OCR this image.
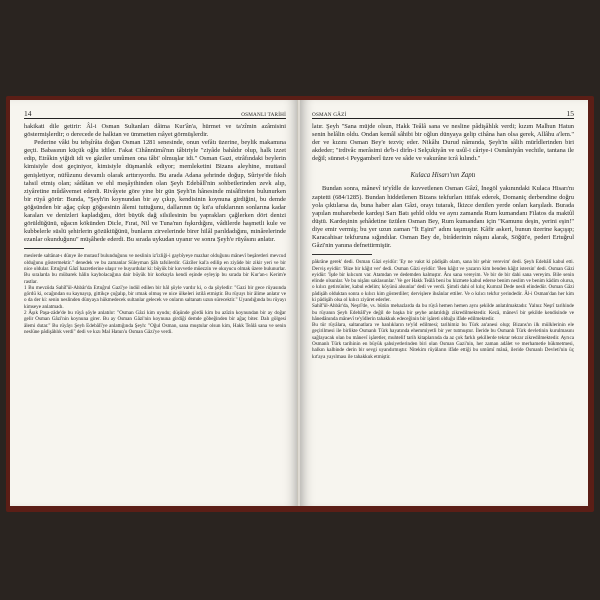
14	OSMANLI TARİHİ

hakikati dile getirir: Âl-i Osman Sultanları dâima Kur'ân'a, hürmet ve ta'zîmin azâmisini göstermişlerdir; o derecede de halktan ve ümmetten rıâyet görmüşlerdir.

Pederine vâki bu tebşîrâta doğan Osman 1281 senesinde, onun vefâtı üzerine, beylik makamına geçti. Babasının küçük oğlu idiler. Fakat Cihânnümâ'nın tâbiriyle "ziyâde bahâdır olup, halk izzet edip, Etrâkin yiğidi idi ve gâziler umûmen ona tâbi' olmuşlar idi." Osman Gazi, etrâfındaki beylerin kimisiyle dost geçiniyor, kimisiyle düşmanlık ediyor; memleketini Bizans aleyhine, muttasıl genişletiyor, nüfûzunu devamlı olarak arttırıyordu. Bu arada Adana şehrinde doğup, Sûriye'de fıkıh tahsil etmiş olan; sâdâtan ve ehl meşâyihinden olan Şeyh Edebâlî'nin sohbetlerinden zevk alıp, ziyâretine mûdâvemet ederdi. Rivâyete göre yine bir gün Şeyh'in hânesinde misâfireten bulunurken bir rüyâ görür: Bunda, "Şeyh'in koynundan bir ay çıkıp, kendisinin koynuna girdiğini, bu demde göğsünden bir ağaç çıkıp göğsesinin âlemi tuttuğunu, dallarının üç kıt'a ufuklarının sonlarına kadar karaları ve denizleri kapladığını, dört büyük dağ silsilesinin bu yaprakları çağlerken dört denizi görüldüğünü, uğacın kökünden Dicle, Fırat, Nil ve Tuna'nın fışkırdığını, vâdilerde haşmetli kule ve kubbelerle süslü şehirlerin gözüktüğünü, bunların zirvelerinde birer hilâl parıldadığını, minârelerinde ezanlar okunduğunu" müşâhede ederdi. Bu sırada uykudan uyanır ve sonra Şeyh'e rüyâsını anlatır.

meslerde saltânat-ı dünye ile mutasıf bulunduğunu ve neslinin iz'izliği-i gaybîyeye mazhar olduğunu mânevî beşâretleri mevcud olduğunu göstermektir." denedek ve bu zamanlar Süleyman Şâh tafsilerdir. Gâzîler kal'a edilip en ziyâde bir zikir yeri ve bir nice oldular. Ertuğrul Gâzî hazretlerine ulaşır ve buyurdular ki: büyük bir kuvvetle müezzin ve okuyucu olmak üzere bulunurlar. Bu sıralarda bu mübarek hâlin kaybolacağına dair büyük bir korkuyla kendi eşinde eyleyip bu sırada bir Kur'an-ı Kerim'e rastlar.

1 Bu mevzûda Sahîf'ül-Ahbâr'da Ertuğrul Gazî'ye indül edilen bir hâl şöyle vardır ki, o da şöyledir: "Gazi bir gece rüyasında gördü ki, ocağından su kaynayıp, gittikçe çoğalıp, bir ırmak olmuş ve nice ülkeleri istilâ etmiştir. Bu rüyayı bir âlime anlatır ve o da der ki: senin neslinden dünyaya hükmedecek sultanlar gelecek ve onların saltanatı uzun sürecektir." Uyandığında bu rüyayı kimseye anlatmadı.

2 Âşık Paşa-zâde'de bu rüyâ şöyle anlatılır: "Osman Gâzi kim uyudu; düşünde gördü kim bu azîzin koynundan bir ay doğar gelir Osman Gâzi'nin koynuna girer. Bu ay Osman Gâzi'nin koynuna girdiği demde göbeğinden bir ağaç biter. Dalı gölgesi âlemi dutar." Bu rüyâyı Şeyh Edebâlî'ye anlattığında Şeyh: "Oğul Osman, sana muştular olsun kim, Hakk Teâlâ sana ve senin neslüne pâdişâhlık verdi" dedi ve kızı Mal Hatun'u Osman Gâzi'ye verdi.

OSMAN GÂZİ	15

latır. Şeyh "Sana müjde olsun, Hakk Teâlâ sana ve nesline pâdişâhlık verdi; kızım Malhun Hatun senin helâlin oldu. Ondan kemâl sâhibi bir oğlun dünyaya gelip cihâna han olsa gerek, Allâhu a'lem." der ve kızını Osman Bey'e tezviç eder. Nikâhı Durud nâmında, Şeyh'in sâlih mürîdlerinden biri akdeder; "irdivâc merâsimi de'b-i dirîn-i Selçukiyân ve usûl-i câriye-i Osmâniyân vechile, tantana ile değil; sünnet-i Peygamberî üzre ve sâde ve vakurâne icrâ kılındı."

Kulaca Hisarı'nın Zaptı

Bundan sonra, mânevî te'yîdle de kuvvetlenen Osman Gâzî, İnegöl yakınındaki Kulaca Hisarı'nı zaptetti (684/1285). Bundan hiddetlenen Bizans tekfurları ittifak ederek, Domaniç derbendine doğru yola çıktılarsa da, buna haber alan Gâzi, orayı tutarak, İkizce denilen yerde onları karşıladı. Burada yapılan muharebede kardeşi Sarı Batı şehîd oldu ve aynı zamanda Rum kumandanı Filatos da maktûl düştü. Kardeşinin şehâdetine üzülen Osman Bey, Rum kumandanı için "Kamunu deşin, yerini eşin!" diye emir vermiş; bu yer uzun zaman "İt Eşini" adını taşımıştır. Kâfir askeri, bunun üzerine kaçışıp; Karacahisar tekfuruna sığındılar. Osman Bey de, birâderinin nâşını alarak, Söğüt'e, pederi Ertuğrul Gâzi'nin yanına defnettirmiştir.

pâkrâne gerek' dedi. Osman Gâzi eyidür: 'Ey ne vakıt ki pâdişâh olam, sana bir şehir verevim' dedi. Şeyh Edebâlî kabul etti. Derviş eyidür: 'Bize bir kâğıt ver' dedi. Osman Gâzi eyidür: 'Ben kâğıt ve yazarın kim benden kâğıt istersin' dedi. Osman Gâzi eyidür: 'İşde bir kılıcum var. Atamdan ve dedemden kalmıştır. Ânı sana vereyim. Ve bir de bir dahi sana vereyim. Bile senin elinde olsunlar. Ve bu nişânı saklasunlar.' Ve ger Hakk Teâlâ beni bu hizmete kabul ederse benim neslim ve benim kâdim olursa, o kılıcı getirsünler, kabul edelim; köyünü alsunlar' dedi ve verdi. Şimdi dahi ol kılıç Kumral Dede nesli elindedür. Osman Gâzi pâdişâh olduktan sonra o kılıcı kim gösterdiler; dervişlere ihsânlar ettiler. Ve o kılıcı tekfur yerindedir. Âl-i Osman'dan her kim ki pâdişâh olsa ol kılıcı ziyâret ederler.

Sahîf'ül-Ahbâr'da, Neşrî'de, vs. bütün mehazlarda da bu rüyâ hemen hemen aynı şekilde anlatılmaktadır. Yalnız Neşrî tarihinde bu rüyanın Şeyh Edebâlî'ye değil de başka bir şeyhe anlatıldığı zikredilmektedir. Kezâ, mânevî bir şekilde kendisinde ve hânedânında mânevî te'yîdlerin tahakkuk edeceğinin bir işâreti olduğu ifâde edilmektedir.

Bu tür rüyâlara, saltanatlara ve hanlıkların te'yîd edilmesi; tarihimiz bu Türk an'anesi olup; Bizans'ın ilk mülklerinin ele geçirilmesi ile birlikte Osmanlı Türk hayatında ehemmiyetli bir yer tutmuştur. İleride bu Osmanlı Türk devletinin kurulmasını sağlayacak olan bu mânevî işâretler, muhtelif tarih kitaplarında da az çok farklı şekillerde tekrar tekrar zikredilmektedir. Ayrıca Osmanlı Türk tarihinin en büyük şahsiyetlerinden biri olan Osman Gazi'nin, her zaman adâlet ve merhametle hükmetmesi, halkın kalbinde derin bir sevgi uyandırmıştır. Nitekim rüyâların ifâde ettiği bu umûmî mânâ, ileride Osmanlı Devleti'nin üç kıt'aya yayılması ile tahakkuk etmiştir.
